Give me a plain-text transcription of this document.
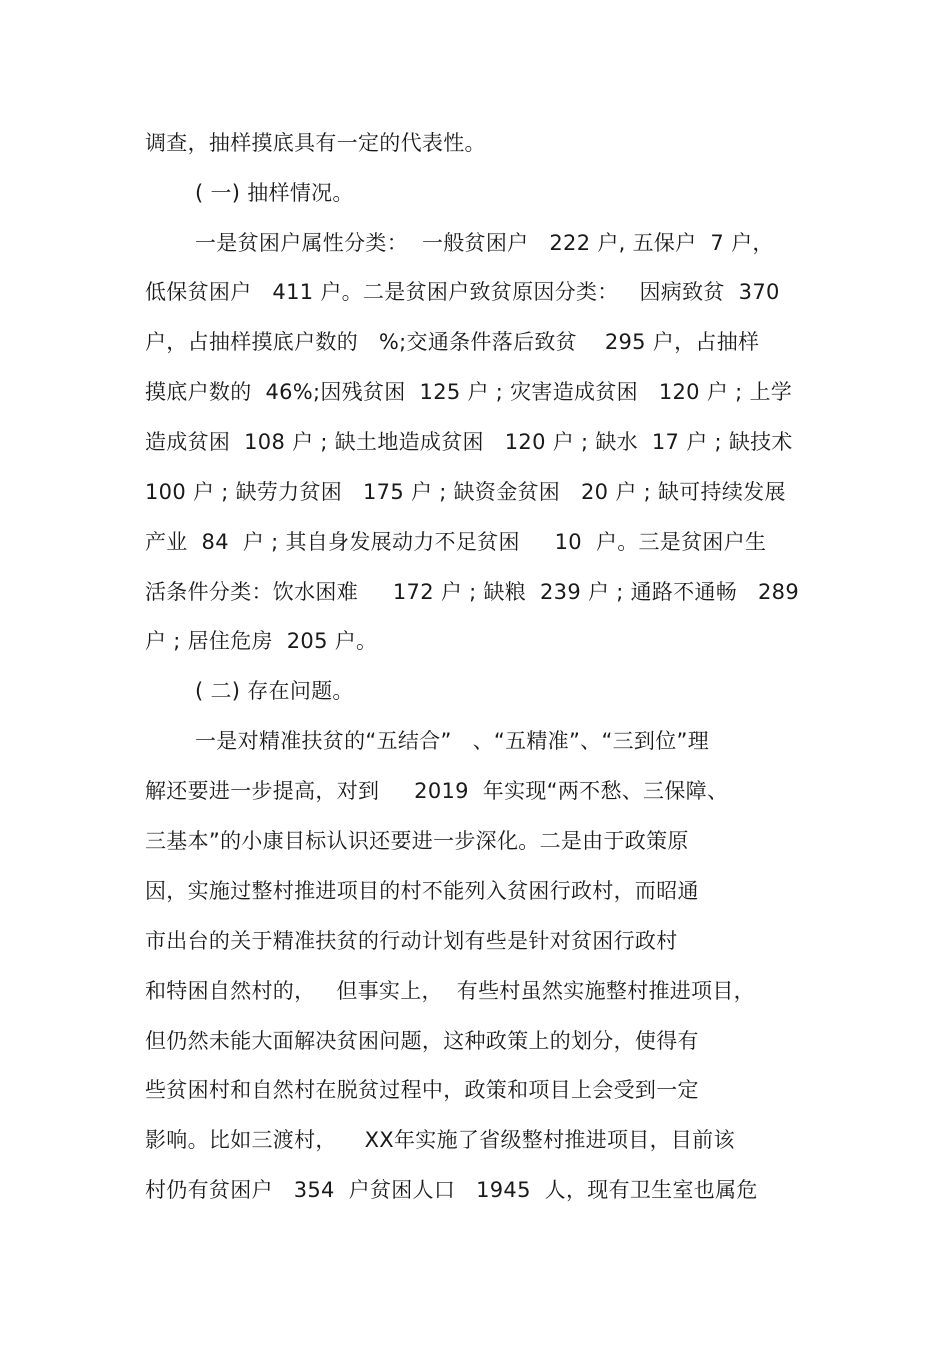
调查，抽样摸底具有一定的代表性。
( 一) 抽样情况。
一是贫困户属性分类：  一般贫困户   222 户, 五保户  7 户，
低保贫困户   411 户。二是贫困户致贫原因分类：   因病致贫  370
户，占抽样摸底户数的   %;交通条件落后致贫    295 户，占抽样
摸底户数的  46%;因残贫困  125 户 ; 灾害造成贫困   120 户 ; 上学
造成贫困  108 户 ; 缺土地造成贫困   120 户 ; 缺水  17 户 ; 缺技术
100 户 ; 缺劳力贫困   175 户 ; 缺资金贫困   20 户 ; 缺可持续发展
产业  84  户 ; 其自身发展动力不足贫困     10  户。三是贫困户生
活条件分类：饮水困难     172 户 ; 缺粮  239 户 ; 通路不通畅   289
户 ; 居住危房  205 户。
( 二) 存在问题。
一是对精准扶贫的“五结合”   、“五精准”、“三到位”理
解还要进一步提高，对到     2019  年实现“两不愁、三保障、
三基本”的小康目标认识还要进一步深化。二是由于政策原
因，实施过整村推进项目的村不能列入贫困行政村，而昭通
市出台的关于精准扶贫的行动计划有些是针对贫困行政村
和特困自然村的，   但事实上，  有些村虽然实施整村推进项目，
但仍然未能大面解决贫困问题，这种政策上的划分，使得有
些贫困村和自然村在脱贫过程中，政策和项目上会受到一定
影响。比如三渡村，    XX年实施了省级整村推进项目，目前该
村仍有贫困户   354  户贫困人口   1945  人，现有卫生室也属危
